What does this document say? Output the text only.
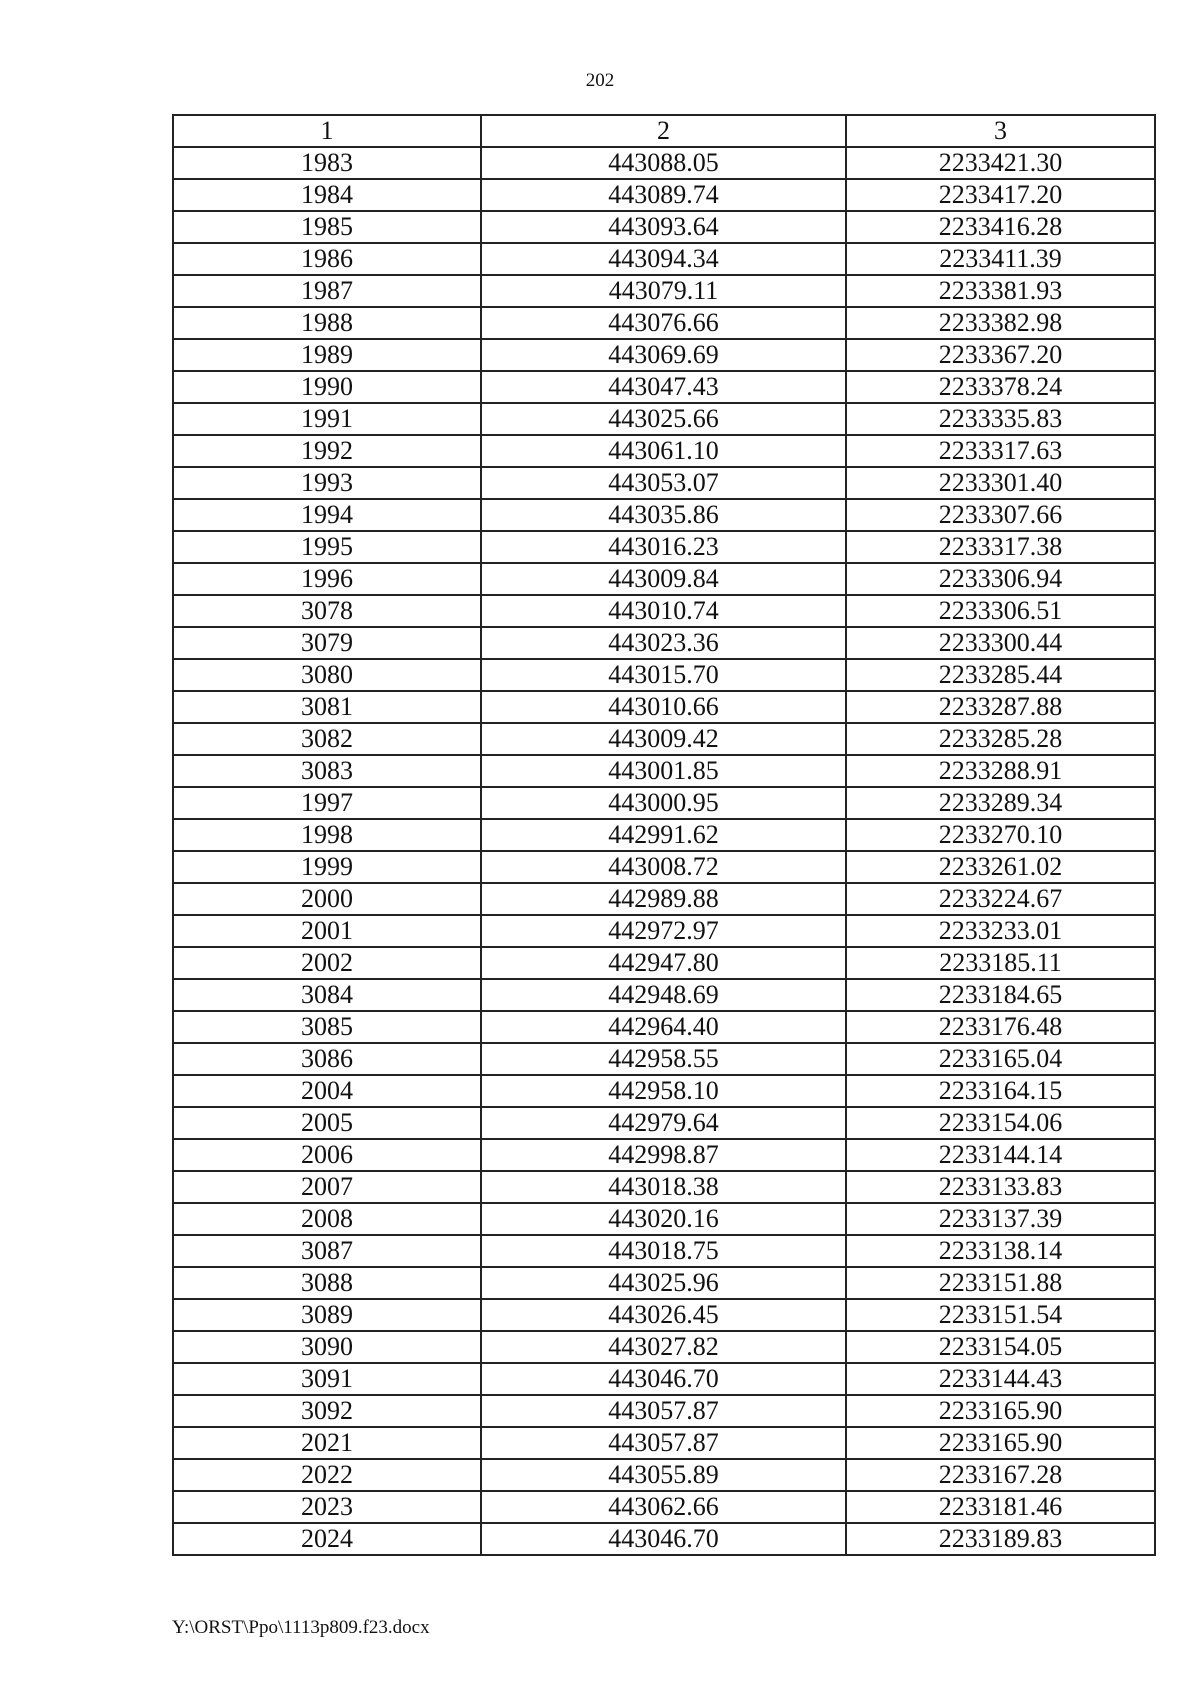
202
1	2	3
1983	443088.05	2233421.30
1984	443089.74	2233417.20
1985	443093.64	2233416.28
1986	443094.34	2233411.39
1987	443079.11	2233381.93
1988	443076.66	2233382.98
1989	443069.69	2233367.20
1990	443047.43	2233378.24
1991	443025.66	2233335.83
1992	443061.10	2233317.63
1993	443053.07	2233301.40
1994	443035.86	2233307.66
1995	443016.23	2233317.38
1996	443009.84	2233306.94
3078	443010.74	2233306.51
3079	443023.36	2233300.44
3080	443015.70	2233285.44
3081	443010.66	2233287.88
3082	443009.42	2233285.28
3083	443001.85	2233288.91
1997	443000.95	2233289.34
1998	442991.62	2233270.10
1999	443008.72	2233261.02
2000	442989.88	2233224.67
2001	442972.97	2233233.01
2002	442947.80	2233185.11
3084	442948.69	2233184.65
3085	442964.40	2233176.48
3086	442958.55	2233165.04
2004	442958.10	2233164.15
2005	442979.64	2233154.06
2006	442998.87	2233144.14
2007	443018.38	2233133.83
2008	443020.16	2233137.39
3087	443018.75	2233138.14
3088	443025.96	2233151.88
3089	443026.45	2233151.54
3090	443027.82	2233154.05
3091	443046.70	2233144.43
3092	443057.87	2233165.90
2021	443057.87	2233165.90
2022	443055.89	2233167.28
2023	443062.66	2233181.46
2024	443046.70	2233189.83
Y:\ORST\Ppo\1113p809.f23.docx
